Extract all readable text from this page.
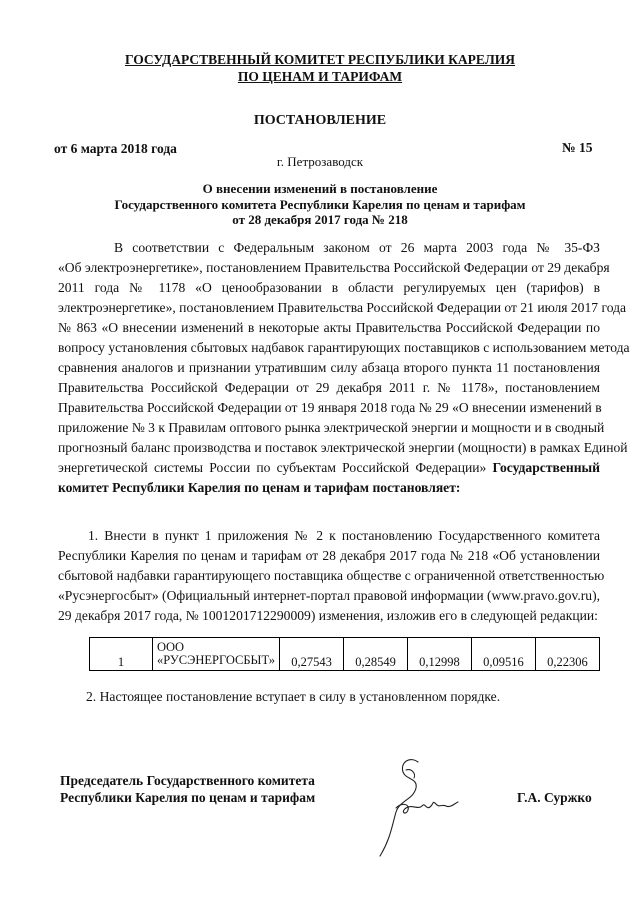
ГОСУДАРСТВЕННЫЙ КОМИТЕТ РЕСПУБЛИКИ КАРЕЛИЯ
ПО ЦЕНАМ И ТАРИФАМ
ПОСТАНОВЛЕНИЕ
от 6 марта 2018 года	№ 15
г. Петрозаводск
О внесении изменений в постановление
Государственного комитета Республики Карелия по ценам и тарифам
от 28 декабря 2017 года № 218
В соответствии с Федеральным законом от 26 марта 2003 года № 35-ФЗ
«Об электроэнергетике», постановлением Правительства Российской Федерации от 29 декабря
2011 года № 1178 «О ценообразовании в области регулируемых цен (тарифов) в
электроэнергетике», постановлением Правительства Российской Федерации от 21 июля 2017 года
№ 863 «О внесении изменений в некоторые акты Правительства Российской Федерации по
вопросу установления сбытовых надбавок гарантирующих поставщиков с использованием метода
сравнения аналогов и признании утратившим силу абзаца второго пункта 11 постановления
Правительства Российской Федерации от 29 декабря 2011 г. № 1178», постановлением
Правительства Российской Федерации от 19 января 2018 года № 29 «О внесении изменений в
приложение № 3 к Правилам оптового рынка электрической энергии и мощности и в сводный
прогнозный баланс производства и поставок электрической энергии (мощности) в рамках Единой
энергетической системы России по субъектам Российской Федерации» Государственный
комитет Республики Карелия по ценам и тарифам постановляет:
1. Внести в пункт 1 приложения № 2 к постановлению Государственного комитета
Республики Карелия по ценам и тарифам от 28 декабря 2017 года № 218 «Об установлении
сбытовой надбавки гарантирующего поставщика обществе с ограниченной ответственностью
«Русэнергосбыт» (Официальный интернет-портал правовой информации (www.pravo.gov.ru),
29 декабря 2017 года, № 1001201712290009) изменения, изложив его в следующей редакции:
1	ООО
«РУСЭНЕРГОСБЫТ»	0,27543	0,28549	0,12998	0,09516	0,22306
2. Настоящее постановление вступает в силу в установленном порядке.
Председатель Государственного комитета
Республики Карелия по ценам и тарифам	Г.А. Суржко
